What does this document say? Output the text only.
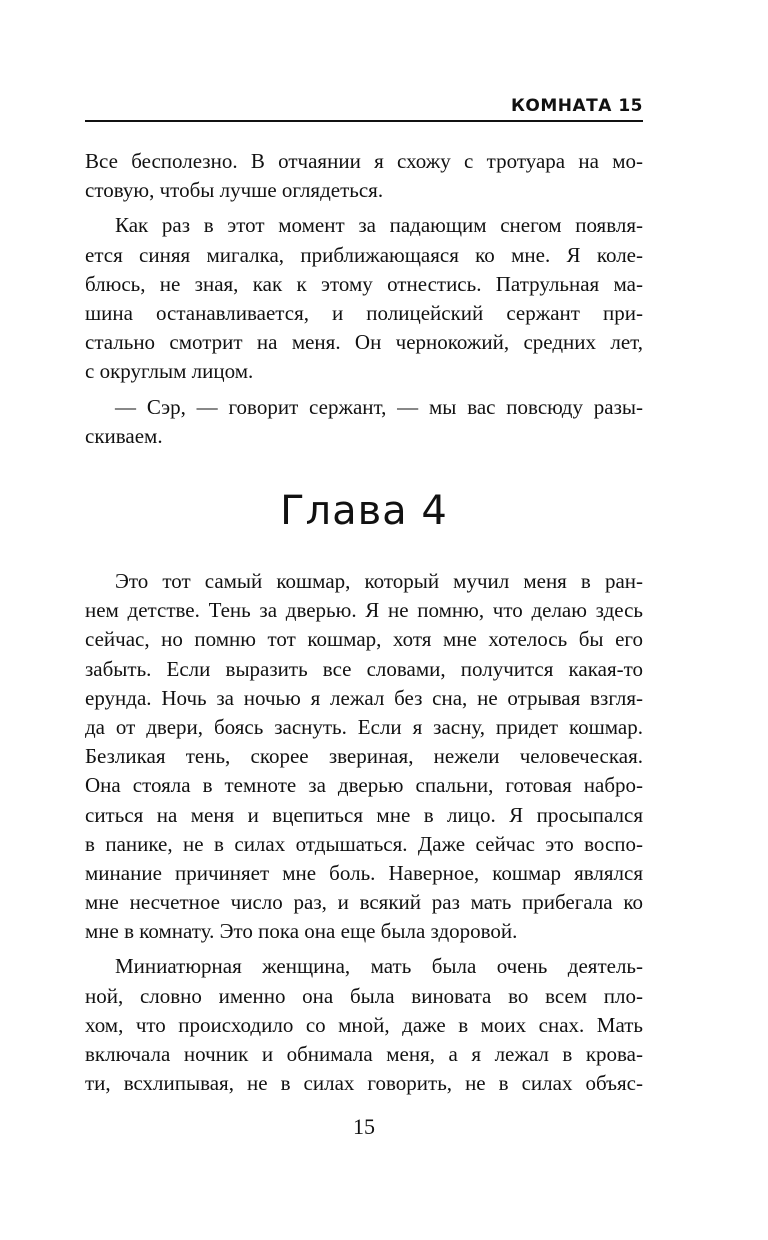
КОМНАТА 15
Все бесполезно. В отчаянии я схожу с тротуара на мо-
стовую, чтобы лучше оглядеться.
Как раз в этот момент за падающим снегом появля-
ется синяя мигалка, приближающаяся ко мне. Я коле-
блюсь, не зная, как к этому отнестись. Патрульная ма-
шина останавливается, и полицейский сержант при-
стально смотрит на меня. Он чернокожий, средних лет,
с округлым лицом.
— Сэр, — говорит сержант, — мы вас повсюду разы-
скиваем.
Глава 4
Это тот самый кошмар, который мучил меня в ран-
нем детстве. Тень за дверью. Я не помню, что делаю здесь
сейчас, но помню тот кошмар, хотя мне хотелось бы его
забыть. Если выразить все словами, получится какая-то
ерунда. Ночь за ночью я лежал без сна, не отрывая взгля-
да от двери, боясь заснуть. Если я засну, придет кошмар.
Безликая тень, скорее звериная, нежели человеческая.
Она стояла в темноте за дверью спальни, готовая набро-
ситься на меня и вцепиться мне в лицо. Я просыпался
в панике, не в силах отдышаться. Даже сейчас это воспо-
минание причиняет мне боль. Наверное, кошмар являлся
мне несчетное число раз, и всякий раз мать прибегала ко
мне в комнату. Это пока она еще была здоровой.
Миниатюрная женщина, мать была очень деятель-
ной, словно именно она была виновата во всем пло-
хом, что происходило со мной, даже в моих снах. Мать
включала ночник и обнимала меня, а я лежал в крова-
ти, всхлипывая, не в силах говорить, не в силах объяс-
15
